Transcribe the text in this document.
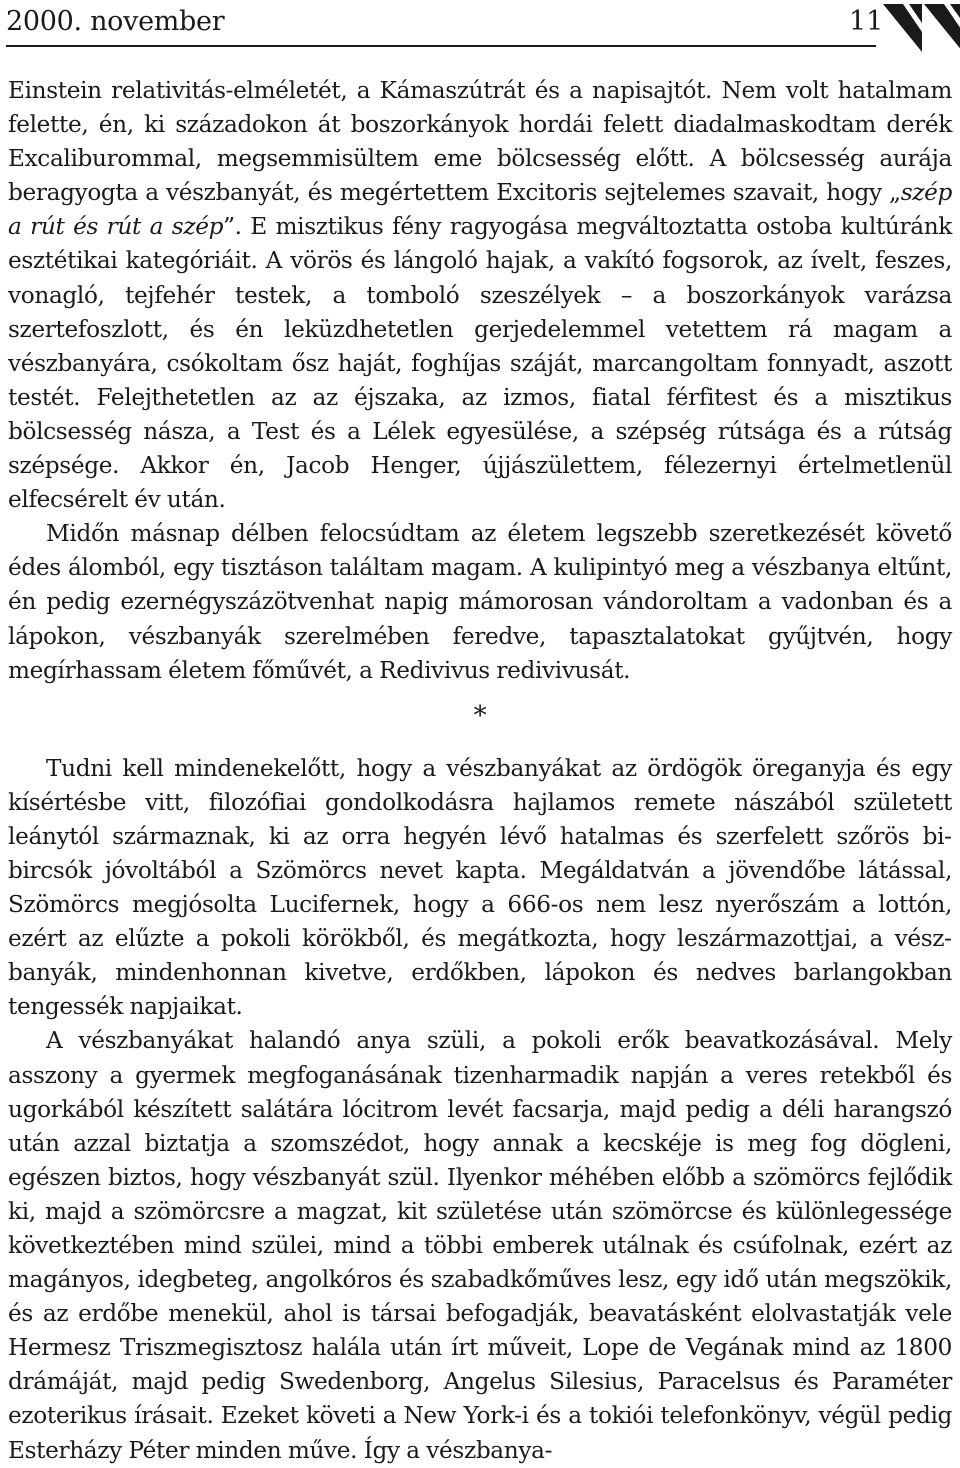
2000. november	11

Einstein relativitás-elméletét, a Kámaszútrát és a napisajtót. Nem volt hatalmam felette, én, ki századokon át boszorkányok hordái felett diadalmaskodtam derék Excaliburommal, megsemmisültem eme bölcsesség előtt. A bölcsesség aurája beragyogta a vészbanyát, és megértettem Excitoris sejtelemes szavait, hogy „szép a rút és rút a szép”. E misztikus fény ragyogása megváltoztatta ostoba kultúránk esztétikai kategóriáit. A vörös és lángoló hajak, a vakító fogsorok, az ívelt, feszes, vonagló, tejfehér testek, a tomboló szeszélyek – a boszorkányok varázsa szertefoszlott, és én leküzdhetetlen gerjedelemmel vetettem rá magam a vészbanyára, csókoltam ősz haját, foghíjas száját, marcangoltam fonnyadt, aszott testét. Felejthetetlen az az éjszaka, az izmos, fiatal férfitest és a misztikus bölcsesség násza, a Test és a Lélek egyesülése, a szépség rútsága és a rútság szépsége. Akkor én, Jacob Henger, újjászülettem, félezernyi értelmetlenül elfecsérelt év után.

Midőn másnap délben felocsúdtam az életem legszebb szeretkezését követő édes álomból, egy tisztáson találtam magam. A kulipintyó meg a vészbanya eltűnt, én pedig ezernégyszázötvenhat napig mámorosan vándoroltam a vadonban és a lápokon, vészbanyák szerelmében feredve, tapasztalatokat gyűjtvén, hogy megírhassam életem főművét, a Redivivus redivivusát.

*

Tudni kell mindenekelőtt, hogy a vészbanyákat az ördögök öreganyja és egy kísértésbe vitt, filozófiai gondolkodásra hajlamos remete nászából született leánytól származnak, ki az orra hegyén lévő hatalmas és szerfelett szőrös bibircsók jóvoltából a Szömörcs nevet kapta. Megáldatván a jövendőbe látással, Szömörcs megjósolta Lucifernek, hogy a 666-os nem lesz nyerőszám a lottón, ezért az elűzte a pokoli körökből, és megátkozta, hogy leszármazottjai, a vészbanyák, mindenhonnan kivetve, erdőkben, lápokon és nedves barlangokban tengessék napjaikat.

A vészbanyákat halandó anya szüli, a pokoli erők beavatkozásával. Mely asszony a gyermek megfoganásának tizenharmadik napján a veres retekből és ugorkából készített salátára lócitrom levét facsarja, majd pedig a déli harangszó után azzal biztatja a szomszédot, hogy annak a kecskéje is meg fog dögleni, egészen biztos, hogy vészbanyát szül. Ilyenkor méhében előbb a szömörcs fejlődik ki, majd a szömörcsre a magzat, kit születése után szömörcse és különlegessége következtében mind szülei, mind a többi emberek utálnak és csúfolnak, ezért az magányos, idegbeteg, angolkóros és szabadkőműves lesz, egy idő után megszökik, és az erdőbe menekül, ahol is társai befogadják, beavatásként elolvastatják vele Hermesz Triszmegisztosz halála után írt műveit, Lope de Vegának mind az 1800 drámáját, majd pedig Swedenborg, Angelus Silesius, Paracelsus és Paraméter ezoterikus írásait. Ezeket követi a New York-i és a tokiói telefonkönyv, végül pedig Esterházy Péter minden műve. Így a vészbanya-
